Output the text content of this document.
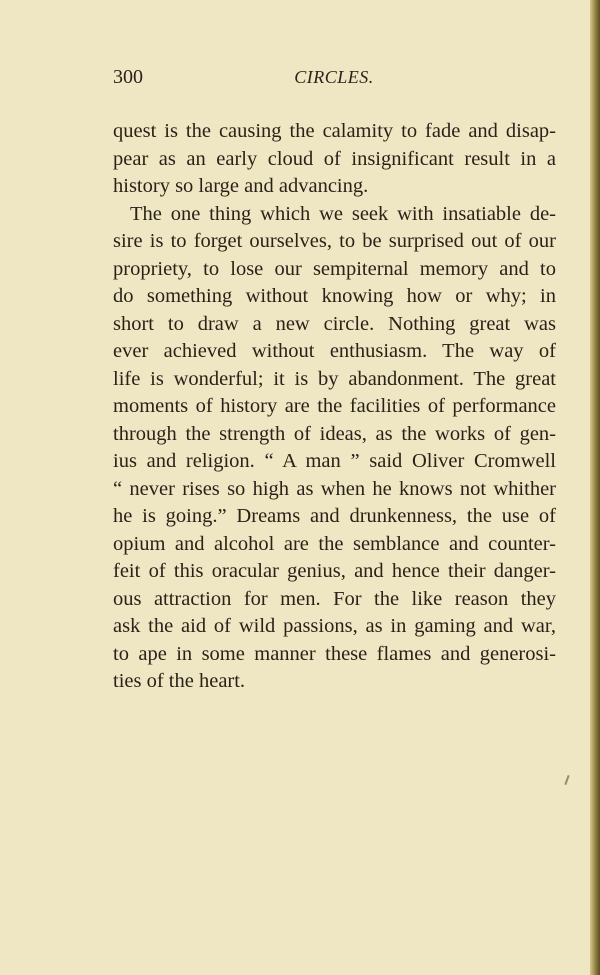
300	CIRCLES.
quest is the causing the calamity to fade and disap-
pear as an early cloud of insignificant result in a
history so large and advancing.
The one thing which we seek with insatiable de-
sire is to forget ourselves, to be surprised out of our
propriety, to lose our sempiternal memory and to
do something without knowing how or why; in
short to draw a new circle. Nothing great was
ever achieved without enthusiasm. The way of
life is wonderful; it is by abandonment. The great
moments of history are the facilities of performance
through the strength of ideas, as the works of gen-
ius and religion. “ A man ” said Oliver Cromwell
“ never rises so high as when he knows not whither
he is going.” Dreams and drunkenness, the use of
opium and alcohol are the semblance and counter-
feit of this oracular genius, and hence their danger-
ous attraction for men. For the like reason they
ask the aid of wild passions, as in gaming and war,
to ape in some manner these flames and generosi-
ties of the heart.
